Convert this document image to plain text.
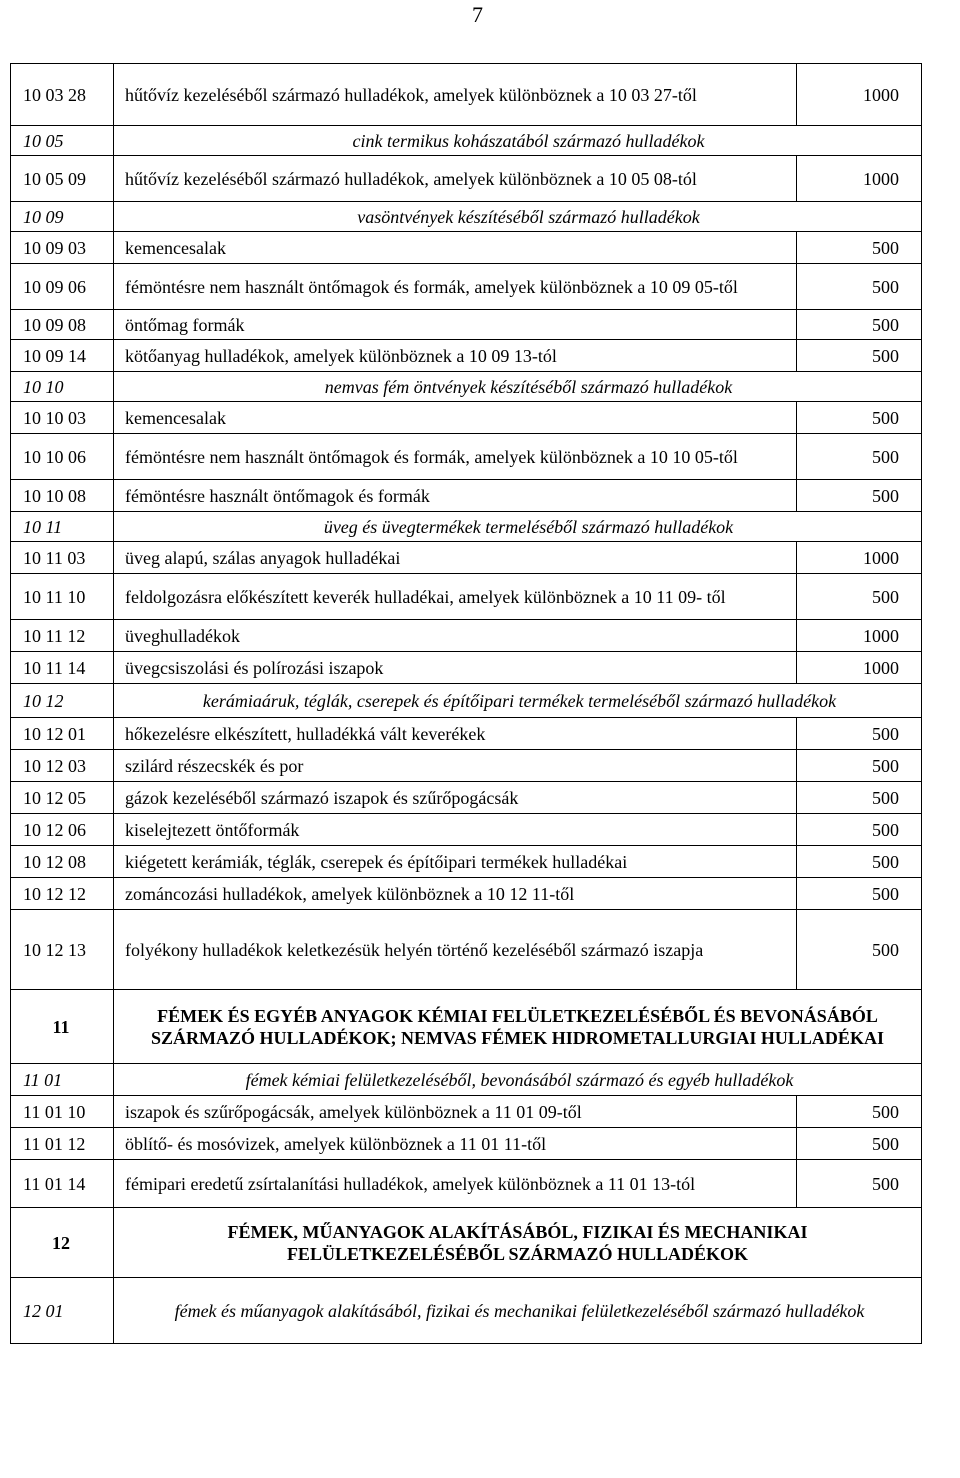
7
10 03 28	hűtővíz kezeléséből származó hulladékok, amelyek különböznek a 10 03 27-től	1000
10 05	cink termikus kohászatából származó hulladékok	
10 05 09	hűtővíz kezeléséből származó hulladékok, amelyek különböznek a 10 05 08-tól	1000
10 09	vasöntvények készítéséből származó hulladékok	
10 09 03	kemencesalak	500
10 09 06	fémöntésre nem használt öntőmagok és formák, amelyek különböznek a 10 09 05-től	500
10 09 08	öntőmag formák	500
10 09 14	kötőanyag hulladékok, amelyek különböznek a 10 09 13-tól	500
10 10	nemvas fém öntvények készítéséből származó hulladékok	
10 10 03	kemencesalak	500
10 10 06	fémöntésre nem használt öntőmagok és formák, amelyek különböznek a 10 10 05-től	500
10 10 08	fémöntésre használt öntőmagok és formák	500
10 11	üveg és üvegtermékek termeléséből származó hulladékok	
10 11 03	üveg alapú, szálas anyagok hulladékai	1000
10 11 10	feldolgozásra előkészített keverék hulladékai, amelyek különböznek a 10 11 09- től	500
10 11 12	üveghulladékok	1000
10 11 14	üvegcsiszolási és polírozási iszapok	1000
10 12	kerámiaáruk, téglák, cserepek és építőipari termékek termeléséből származó hulladékok	
10 12 01	hőkezelésre elkészített, hulladékká vált keverékek	500
10 12 03	szilárd részecskék és por	500
10 12 05	gázok kezeléséből származó iszapok és szűrőpogácsák	500
10 12 06	kiselejtezett öntőformák	500
10 12 08	kiégetett kerámiák, téglák, cserepek és építőipari termékek hulladékai	500
10 12 12	zománcozási hulladékok, amelyek különböznek a 10 12 11-től	500
10 12 13	folyékony hulladékok keletkezésük helyén történő kezeléséből származó iszapja	500
11	FÉMEK ÉS EGYÉB ANYAGOK KÉMIAI FELÜLETKEZELÉSÉBŐL ÉS BEVONÁSÁBÓL SZÁRMAZÓ HULLADÉKOK; NEMVAS FÉMEK HIDROMETALLURGIAI HULLADÉKAI	
11 01	fémek kémiai felületkezeléséből, bevonásából származó és egyéb hulladékok	
11 01 10	iszapok és szűrőpogácsák, amelyek különböznek a 11 01 09-től	500
11 01 12	öblítő- és mosóvizek, amelyek különböznek a 11 01 11-től	500
11 01 14	fémipari eredetű zsírtalanítási hulladékok, amelyek különböznek a 11 01 13-tól	500
12	FÉMEK, MŰANYAGOK ALAKÍTÁSÁBÓL, FIZIKAI ÉS MECHANIKAI FELÜLETKEZELÉSÉBŐL SZÁRMAZÓ HULLADÉKOK	
12 01	fémek és műanyagok alakításából, fizikai és mechanikai felületkezeléséből származó hulladékok	
